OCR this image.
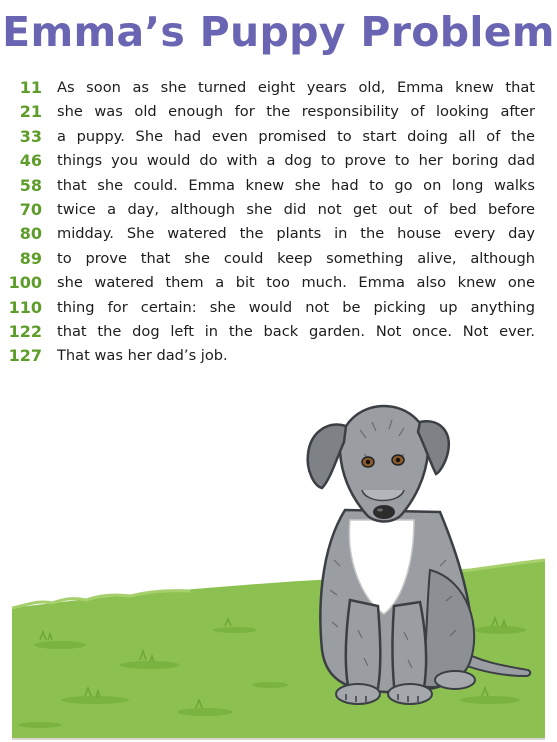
Emma’s Puppy Problem
11 As soon as she turned eight years old, Emma knew that
21 she was old enough for the responsibility of looking after
33 a puppy. She had even promised to start doing all of the
46 things you would do with a dog to prove to her boring dad
58 that she could. Emma knew she had to go on long walks
70 twice a day, although she did not get out of bed before
80 midday. She watered the plants in the house every day
89 to prove that she could keep something alive, although
100 she watered them a bit too much. Emma also knew one
110 thing for certain: she would not be picking up anything
122 that the dog left in the back garden. Not once. Not ever.
127 That was her dad’s job.
